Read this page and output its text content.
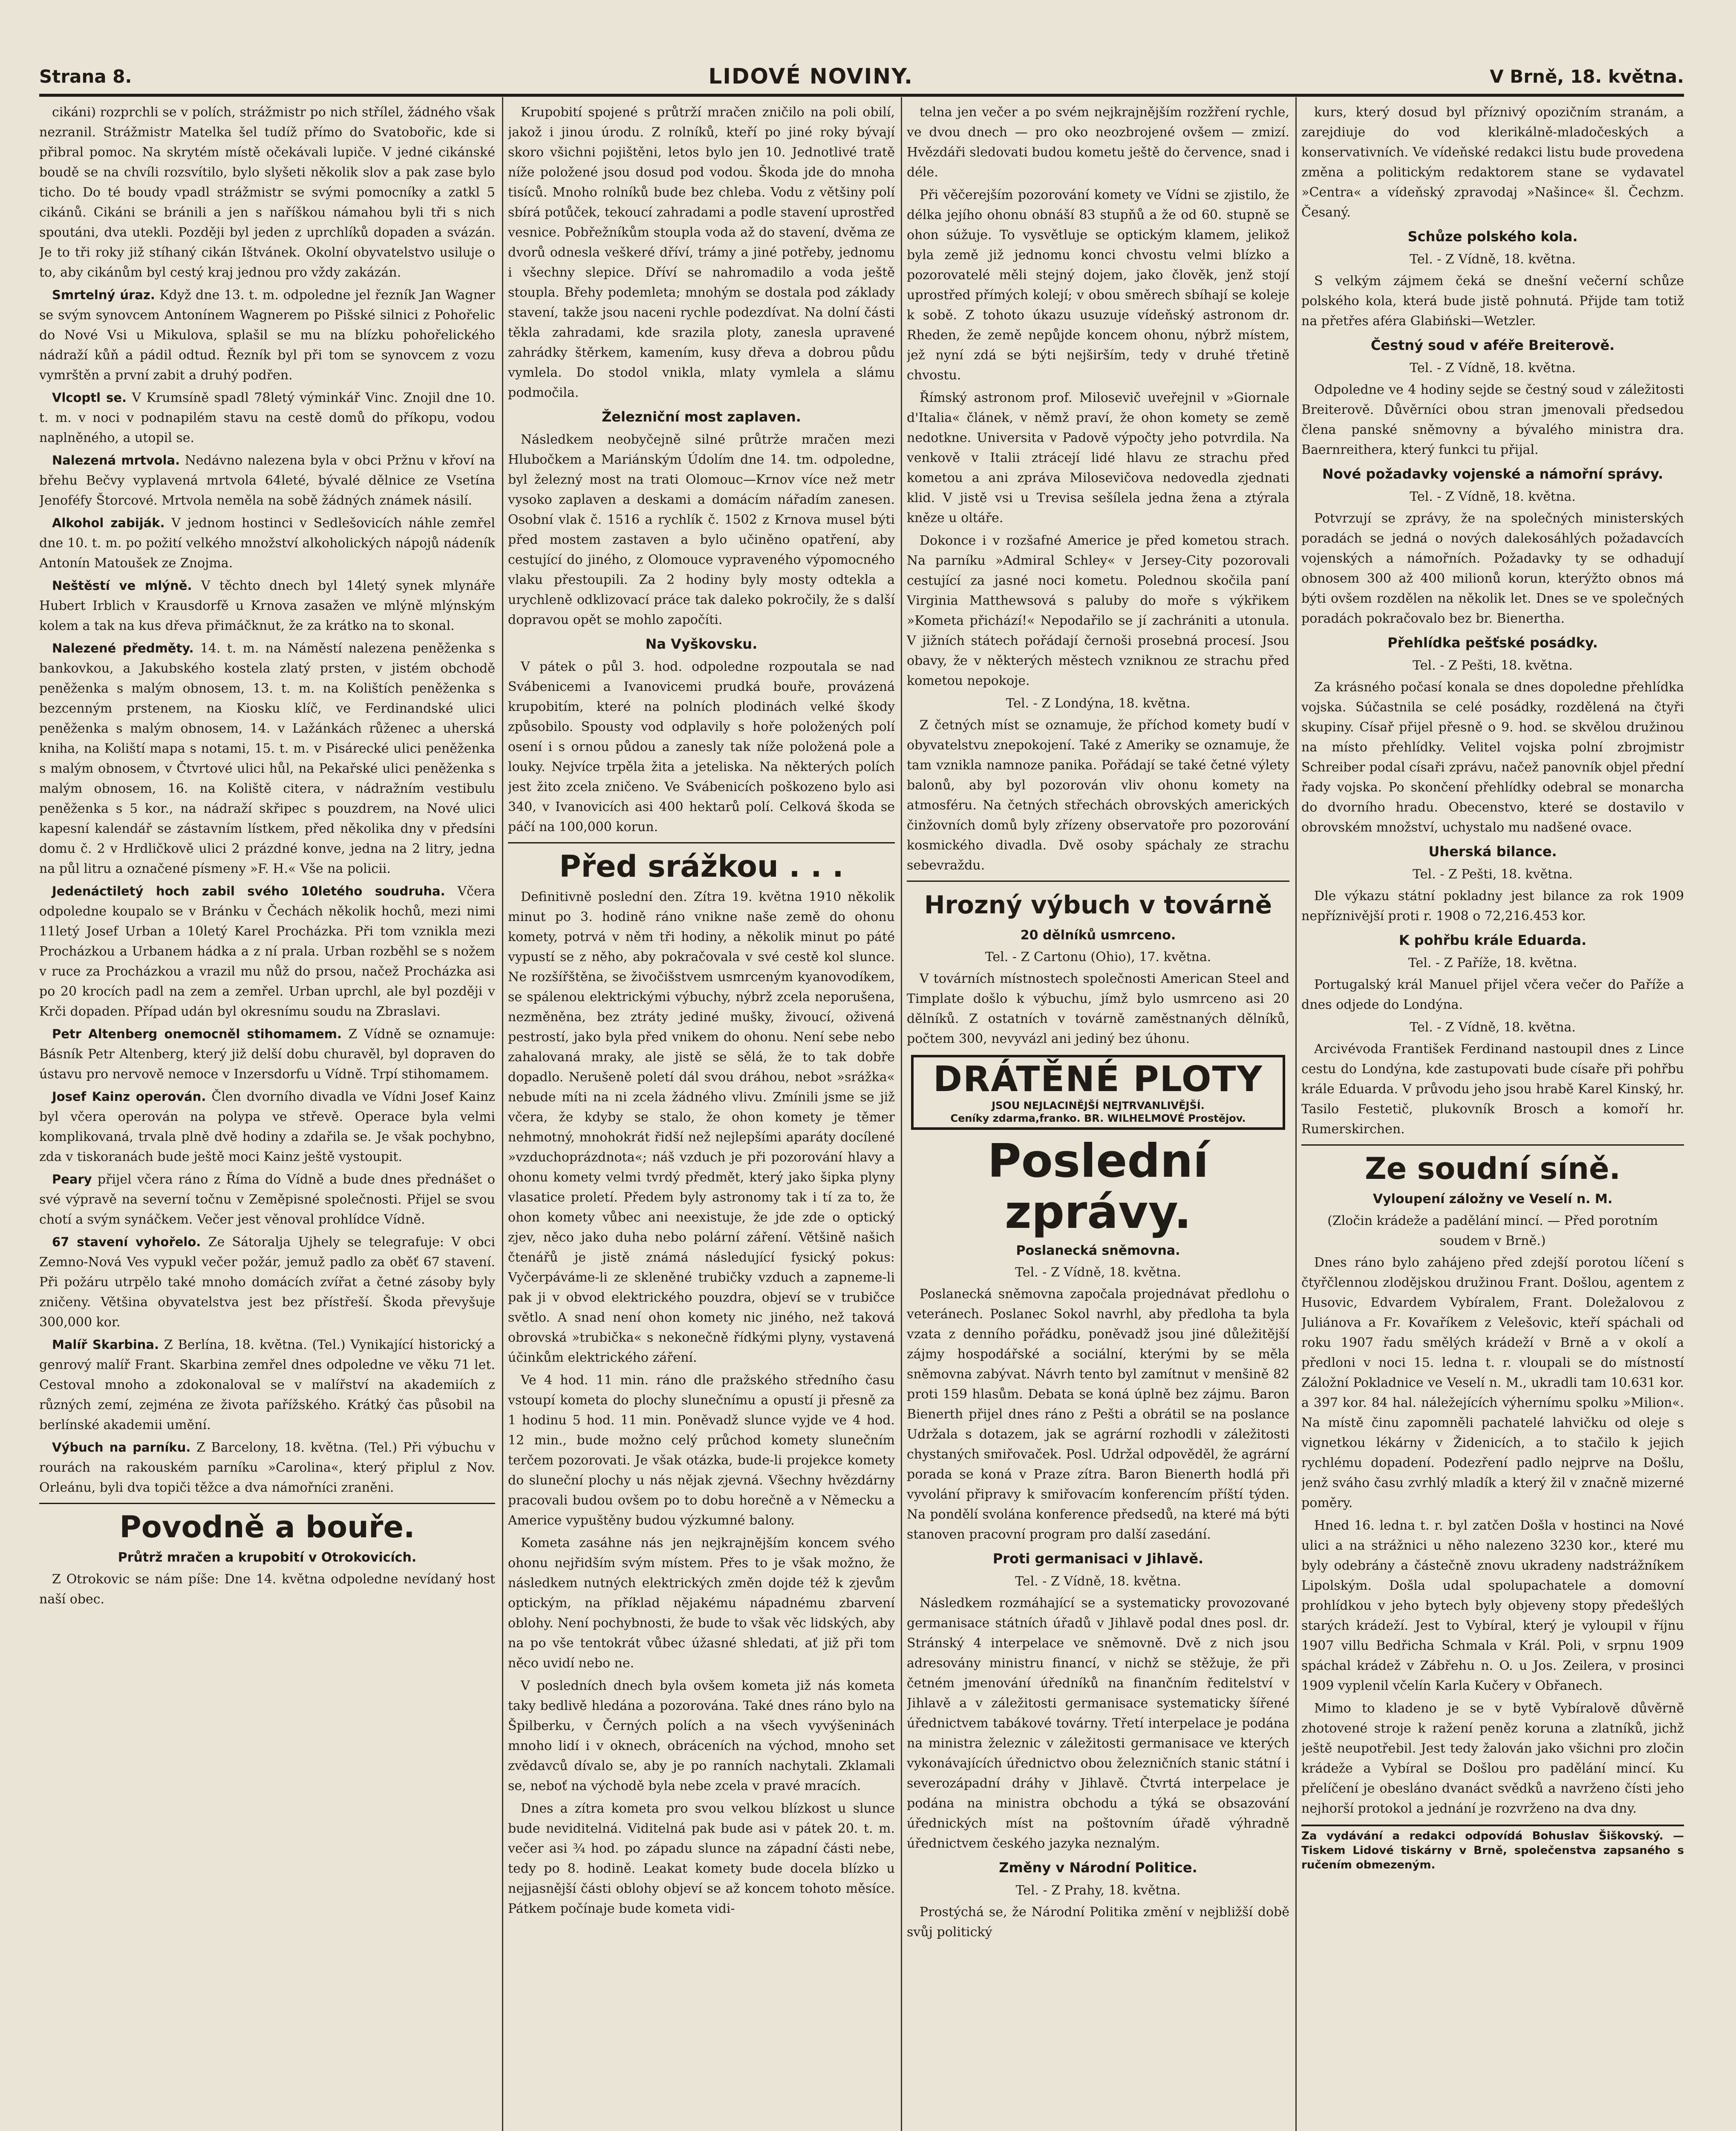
Strana 8.	LIDOVÉ NOVINY.	V Brně, 18. května.

cikáni) rozprchli se v polích, strážmistr po nich střílel, žádného však nezranil. Strážmistr Matelka šel tudíž přímo do Svatobořic, kde si přibral pomoc. Na skrytém místě očekávali lupiče. V jedné cikánské boudě se na chvíli rozsvítilo, bylo slyšeti několik slov a pak zase bylo ticho. Do té boudy vpadl strážmistr se svými pomocníky a zatkl 5 cikánů. Cikáni se bránili a jen s naříškou námahou byli tři s nich spoutáni, dva utekli. Později byl jeden z uprchlíků dopaden a svázán. Je to tři roky již stíhaný cikán Ištvánek. Okolní obyvatelstvo usiluje o to, aby cikánům byl cestý kraj jednou pro vždy zakázán.

Smrtelný úraz. Když dne 13. t. m. odpoledne jel řezník Jan Wagner se svým synovcem Antonínem Wagnerem po Pišské silnici z Pohořelic do Nové Vsi u Mikulova, splašil se mu na blízku pohořelického nádraží kůň a pádil odtud. Řezník byl při tom se synovcem z vozu vymrštěn a první zabit a druhý podřen.

Vlcoptl se. V Krumsíně spadl 78letý výminkář Vinc. Znojil dne 10. t. m. v noci v podnapilém stavu na cestě domů do příkopu, vodou naplněného, a utopil se.

Nalezená mrtvola. Nedávno nalezena byla v obci Pržnu v křoví na břehu Bečvy vyplavená mrtvola 64leté, bývalé dělnice ze Vsetína Jenoféfy Štorcové. Mrtvola neměla na sobě žádných známek násilí.

Alkohol zabiják. V jednom hostinci v Sedlešovicích náhle zemřel dne 10. t. m. po požití velkého množství alkoholických nápojů nádeník Antonín Matoušek ze Znojma.

Neštěstí ve mlýně. V těchto dnech byl 14letý synek mlynáře Hubert Irblich v Krausdorfě u Krnova zasažen ve mlýně mlýnským kolem a tak na kus dřeva přimáčknut, že za krátko na to skonal.

Nalezené předměty. 14. t. m. na Náměstí nalezena peněženka s bankovkou, a Jakubského kostela zlatý prsten, v jistém obchodě peněženka s malým obnosem, 13. t. m. na Kolištích peněženka s bezcenným prstenem, na Kiosku klíč, ve Ferdinandské ulici peněženka s malým obnosem, 14. v Lažánkách růženec a uherská kniha, na Koliští mapa s notami, 15. t. m. v Pisárecké ulici peněženka s malým obnosem, v Čtvrtové ulici hůl, na Pekařské ulici peněženka s malým obnosem, 16. na Koliště citera, v nádražním vestibulu peněženka s 5 kor., na nádraží skřipec s pouzdrem, na Nové ulici kapesní kalendář se zástavním lístkem, před několika dny v předsíni domu č. 2 v Hrdličkově ulici 2 prázdné konve, jedna na 2 litry, jedna na půl litru a označené písmeny »F. H.« Vše na policii.

Jedenáctiletý hoch zabil svého 10letého soudruha. Včera odpoledne koupalo se v Bránku v Čechách několik hochů, mezi nimi 11letý Josef Urban a 10letý Karel Procházka. Při tom vznikla mezi Procházkou a Urbanem hádka a z ní prala. Urban rozběhl se s nožem v ruce za Procházkou a vrazil mu nůž do prsou, načež Procházka asi po 20 krocích padl na zem a zemřel. Urban uprchl, ale byl později v Krči dopaden. Případ udán byl okresnímu soudu na Zbraslavi.

Petr Altenberg onemocněl stihomamem. Z Vídně se oznamuje: Básník Petr Altenberg, který již delší dobu churavěl, byl dopraven do ústavu pro nervově nemoce v Inzersdorfu u Vídně. Trpí stihomamem.

Josef Kainz operován. Člen dvorního divadla ve Vídni Josef Kainz byl včera operován na polypa ve střevě. Operace byla velmi komplikovaná, trvala plně dvě hodiny a zdařila se. Je však pochybno, zda v tiskoranách bude ještě moci Kainz ještě vystoupit.

Peary přijel včera ráno z Říma do Vídně a bude dnes přednášet o své výpravě na severní točnu v Zeměpisné společnosti. Přijel se svou chotí a svým synáčkem. Večer jest věnoval prohlídce Vídně.

67 stavení vyhořelo. Ze Sátoralja Ujhely se telegrafuje: V obci Zemno-Nová Ves vypukl večer požár, jemuž padlo za oběť 67 stavení. Při požáru utrpělo také mnoho domácích zvířat a četné zásoby byly zničeny. Většina obyvatelstva jest bez přístřeší. Škoda převyšuje 300,000 kor.

Malíř Skarbina. Z Berlína, 18. května. (Tel.) Vynikající historický a genrový malíř Frant. Skarbina zemřel dnes odpoledne ve věku 71 let. Cestoval mnoho a zdokonaloval se v malířství na akademiích z různých zemí, zejména ze života pařížského. Krátký čas působil na berlínské akademii umění.

Výbuch na parníku. Z Barcelony, 18. května. (Tel.) Při výbuchu v rourách na rakouském parníku »Carolina«, který připlul z Nov. Orleánu, byli dva topiči těžce a dva námořníci zraněni.

Povodně a bouře.
Průtrž mračen a krupobití v Otrokovicích.

Z Otrokovic se nám píše: Dne 14. května odpoledne nevídaný host naší obec.

Krupobití spojené s průtrží mračen zničilo na poli obilí, jakož i jinou úrodu. Z rolníků, kteří po jiné roky bývají skoro všichni pojištěni, letos bylo jen 10. Jednotlivé tratě níže položené jsou dosud pod vodou. Škoda jde do mnoha tisíců. Mnoho rolníků bude bez chleba. Vodu z většiny polí sbírá potůček, tekoucí zahradami a podle stavení uprostřed vesnice. Pobřežníkům stoupla voda až do stavení, dvěma ze dvorů odnesla veškeré dříví, trámy a jiné potřeby, jednomu i všechny slepice. Dříví se nahromadilo a voda ještě stoupla. Břehy podemleta; mnohým se dostala pod základy stavení, takže jsou naceni rychle podezdívat. Na dolní části těkla zahradami, kde srazila ploty, zanesla upravené zahrádky štěrkem, kamením, kusy dřeva a dobrou půdu vymlela. Do stodol vnikla, mlaty vymlela a slámu podmočila.

Železniční most zaplaven.

Následkem neobyčejně silné průtrže mračen mezi Hlubočkem a Mariánským Údolím dne 14. tm. odpoledne, byl železný most na trati Olomouc—Krnov více než metr vysoko zaplaven a deskami a domácím nářadím zanesen. Osobní vlak č. 1516 a rychlík č. 1502 z Krnova musel býti před mostem zastaven a bylo učiněno opatření, aby cestující do jiného, z Olomouce vypraveného výpomocného vlaku přestoupili. Za 2 hodiny byly mosty odtekla a urychleně odklizovací práce tak daleko pokročily, že s další dopravou opět se mohlo započíti.

Na Vyškovsku.

V pátek o půl 3. hod. odpoledne rozpoutala se nad Svábenicemi a Ivanovicemi prudká bouře, provázená krupobitím, které na polních plodinách velké škody způsobilo. Spousty vod odplavily s hoře položených polí osení i s ornou půdou a zanesly tak níže položená pole a louky. Nejvíce trpěla žita a jeteliska. Na některých polích jest žito zcela zničeno. Ve Svábenicích poškozeno bylo asi 340, v Ivanovicích asi 400 hektarů polí. Celková škoda se páčí na 100,000 korun.

Před srážkou . . .

Definitivně poslední den. Zítra 19. května 1910 několik minut po 3. hodině ráno vnikne naše země do ohonu komety, potrvá v něm tři hodiny, a několik minut po páté vypustí se z něho, aby pokračovala v své cestě kol slunce. Ne rozšířštěna, se živočišstvem usmrceným kyanovodíkem, se spálenou elektrickými výbuchy, nýbrž zcela neporušena, nezměněna, bez ztráty jediné mušky, živoucí, oživená pestrostí, jako byla před vnikem do ohonu. Není sebe nebo zahalovaná mraky, ale jistě se sělá, že to tak dobře dopadlo. Nerušeně poletí dál svou dráhou, nebot »srážka« nebude míti na ni zcela žádného vlivu. Zmínili jsme se již včera, že kdyby se stalo, že ohon komety je těmer nehmotný, mnohokrát řidší než nejlepšími aparáty docílené »vzduchoprázdnota«; náš vzduch je při pozorování hlavy a ohonu komety velmi tvrdý předmět, který jako šipka plyny vlasatice proletí. Předem byly astronomy tak i tí za to, že ohon komety vůbec ani neexistuje, že jde zde o optický zjev, něco jako duha nebo polární záření. Většině našich čtenářů je jistě známá následující fysický pokus: Vyčerpáváme-li ze skleněné trubičky vzduch a zapneme-li pak ji v obvod elektrického pouzdra, objeví se v trubičce světlo. A snad není ohon komety nic jiného, než taková obrovská »trubička« s nekonečně řídkými plyny, vystavená účinkům elektrického záření.

Ve 4 hod. 11 min. ráno dle pražského středního času vstoupí kometa do plochy slunečnímu a opustí ji přesně za 1 hodinu 5 hod. 11 min. Poněvadž slunce vyjde ve 4 hod. 12 min., bude možno celý průchod komety slunečním terčem pozorovati. Je však otázka, bude-li projekce komety do sluneční plochy u nás nějak zjevná. Všechny hvězdárny pracovali budou ovšem po to dobu horečně a v Německu a Americe vypuštěny budou výzkumné balony.

Kometa zasáhne nás jen nejkrajnějším koncem svého ohonu nejřidším svým místem. Přes to je však možno, že následkem nutných elektrických změn dojde též k zjevům optickým, na příklad nějakému nápadnému zbarvení oblohy. Není pochybnosti, že bude to však věc lidských, aby na po vše tentokrát vůbec úžasné shledati, ať již při tom něco uvidí nebo ne.

V posledních dnech byla ovšem kometa již nás kometa taky bedlivě hledána a pozorována. Také dnes ráno bylo na Špilberku, v Černých polích a na všech vyvýšeninách mnoho lidí i v oknech, obráceních na východ, mnoho set zvědavců dívalo se, aby je po ranních nachytali. Zklamali se, neboť na východě byla nebe zcela v pravé mracích.

Dnes a zítra kometa pro svou velkou blízkost u slunce bude neviditelná. Viditelná pak bude asi v pátek 20. t. m. večer asi ¾ hod. po západu slunce na západní části nebe, tedy po 8. hodině. Leakat komety bude docela blízko u nejjasnější části oblohy objeví se až koncem tohoto měsíce. Pátkem počínaje bude kometa vidi-

telna jen večer a po svém nejkrajnějším rozžření rychle, ve dvou dnech — pro oko neozbrojené ovšem — zmizí. Hvězdáři sledovati budou kometu ještě do července, snad i déle.

Při věčerejším pozorování komety ve Vídni se zjistilo, že délka jejího ohonu obnáší 83 stupňů a že od 60. stupně se ohon súžuje. To vysvětluje se optickým klamem, jelikož byla země již jednomu konci chvostu velmi blízko a pozorovatelé měli stejný dojem, jako člověk, jenž stojí uprostřed přímých kolejí; v obou směrech sbíhají se koleje k sobě. Z tohoto úkazu usuzuje vídeňský astronom dr. Rheden, že země nepůjde koncem ohonu, nýbrž místem, jež nyní zdá se býti nejširším, tedy v druhé třetině chvostu.

Římský astronom prof. Milosevič uveřejnil v »Giornale d'Italia« článek, v němž praví, že ohon komety se země nedotkne. Universita v Padově výpočty jeho potvrdila. Na venkově v Italii ztrácejí lidé hlavu ze strachu před kometou a ani zpráva Milosevičova nedovedla zjednati klid. V jistě vsi u Trevisa sešílela jedna žena a ztýrala kněze u oltáře.

Dokonce i v rozšafné Americe je před kometou strach. Na parníku »Admiral Schley« v Jersey-City pozorovali cestující za jasné noci kometu. Polednou skočila paní Virginia Matthewsová s paluby do moře s výkřikem »Kometa přichází!« Nepodařilo se jí zachrániti a utonula. V jižních státech pořádají černoši prosebná procesí. Jsou obavy, že v některých městech vzniknou ze strachu před kometou nepokoje.

Tel. - Z Londýna, 18. května.

Z četných míst se oznamuje, že příchod komety budí v obyvatelstvu znepokojení. Také z Ameriky se oznamuje, že tam vznikla namnoze panika. Pořádají se také četné výlety balonů, aby byl pozorován vliv ohonu komety na atmosféru. Na četných střechách obrovských amerických činžovních domů byly zřízeny observatoře pro pozorování kosmického divadla. Dvě osoby spáchaly ze strachu sebevraždu.

Hrozný výbuch v továrně
20 dělníků usmrceno.
Tel. - Z Cartonu (Ohio), 17. května.

V továrních místnostech společnosti American Steel and Timplate došlo k výbuchu, jímž bylo usmrceno asi 20 dělníků. Z ostatních v továrně zaměstnaných dělníků, počtem 300, nevyvázl ani jediný bez úhonu.

DRÁTĚNÉ PLOTY
JSOU NEJLACINĚJŠÍ NEJTRVANLIVĚJŠÍ.
Ceníky zdarma,franko. BR. WILHELMOVÉ Prostějov.
Poslední zprávy.
Poslanecká sněmovna.
Tel. - Z Vídně, 18. května.

Poslanecká sněmovna započala projednávat předlohu o veteránech. Poslanec Sokol navrhl, aby předloha ta byla vzata z denního pořádku, poněvadž jsou jiné důležitější zájmy hospodářské a sociální, kterými by se měla sněmovna zabývat. Návrh tento byl zamítnut v menšině 82 proti 159 hlasům. Debata se koná úplně bez zájmu. Baron Bienerth přijel dnes ráno z Pešti a obrátil se na poslance Udržala s dotazem, jak se agrární rozhodli v záležitosti chystaných smiřovaček. Posl. Udržal odpověděl, že agrární porada se koná v Praze zítra. Baron Bienerth hodlá při vyvolání připravy k smiřovacím konferencím příští týden. Na pondělí svolána konference předsedů, na které má býti stanoven pracovní program pro další zasedání.

Proti germanisaci v Jihlavě.
Tel. - Z Vídně, 18. května.

Následkem rozmáhající se a systematicky provozované germanisace státních úřadů v Jihlavě podal dnes posl. dr. Stránský 4 interpelace ve sněmovně. Dvě z nich jsou adresovány ministru financí, v nichž se stěžuje, že při četném jmenování úředníků na finančním ředitelství v Jihlavě a v záležitosti germanisace systematicky šířené úřednictvem tabákové továrny. Třetí interpelace je podána na ministra železnic v záležitosti germanisace ve kterých vykonávajících úřednictvo obou železničních stanic státní i severozápadní dráhy v Jihlavě. Čtvrtá interpelace je podána na ministra obchodu a týká se obsazování úřednických míst na poštovním úřadě výhradně úřednictvem českého jazyka neznalým.

Změny v Národní Politice.
Tel. - Z Prahy, 18. května.

Prostýchá se, že Národní Politika změní v nejbližší době svůj politický

kurs, který dosud byl příznivý opozičním stranám, a zarejdiuje do vod klerikálně-mladočeských a konservativních. Ve vídeňské redakci listu bude provedena změna a politickým redaktorem stane se vydavatel »Centra« a vídeňský zpravodaj »Našince« šl. Čechzm. Česaný.

Schůze polského kola.
Tel. - Z Vídně, 18. května.

S velkým zájmem čeká se dnešní večerní schůze polského kola, která bude jistě pohnutá. Přijde tam totiž na přetřes aféra Glabiński—Wetzler.

Čestný soud v aféře Breiterově.
Tel. - Z Vídně, 18. května.

Odpoledne ve 4 hodiny sejde se čestný soud v záležitosti Breiterově. Důvěrníci obou stran jmenovali předsedou člena panské sněmovny a bývalého ministra dra. Baernreithera, který funkci tu přijal.

Nové požadavky vojenské a námořní správy.
Tel. - Z Vídně, 18. května.

Potvrzují se zprávy, že na společných ministerských poradách se jedná o nových dalekosáhlých požadavcích vojenských a námořních. Požadavky ty se odhadují obnosem 300 až 400 milionů korun, kterýžto obnos má býti ovšem rozdělen na několik let. Dnes se ve společných poradách pokračovalo bez br. Bienertha.

Přehlídka pešťské posádky.
Tel. - Z Pešti, 18. května.

Za krásného počasí konala se dnes dopoledne přehlídka vojska. Súčastnila se celé posádky, rozdělená na čtyři skupiny. Císař přijel přesně o 9. hod. se skvělou družinou na místo přehlídky. Velitel vojska polní zbrojmistr Schreiber podal císaři zprávu, načež panovník objel přední řady vojska. Po skončení přehlídky odebral se monarcha do dvorního hradu. Obecenstvo, které se dostavilo v obrovském množství, uchystalo mu nadšené ovace.

Uherská bilance.
Tel. - Z Pešti, 18. května.

Dle výkazu státní pokladny jest bilance za rok 1909 nepříznivější proti r. 1908 o 72,216.453 kor.

K pohřbu krále Eduarda.
Tel. - Z Paříže, 18. května.

Portugalský král Manuel přijel včera večer do Paříže a dnes odjede do Londýna.

Tel. - Z Vídně, 18. května.

Arcivévoda František Ferdinand nastoupil dnes z Lince cestu do Londýna, kde zastupovati bude císaře při pohřbu krále Eduarda. V průvodu jeho jsou hrabě Karel Kinský, hr. Tasilo Festetič, plukovník Brosch a komoří hr. Rumerskirchen.

Ze soudní síně.
Vyloupení záložny ve Veselí n. M.
(Zločin krádeže a padělání mincí. — Před porotním soudem v Brně.)

Dnes ráno bylo zahájeno před zdejší porotou líčení s čtyřčlennou zlodějskou družinou Frant. Došlou, agentem z Husovic, Edvardem Vybíralem, Frant. Doležalovou z Juliánova a Fr. Kovaříkem z Velešovic, kteří spáchali od roku 1907 řadu smělých krádeží v Brně a v okolí a předloni v noci 15. ledna t. r. vloupali se do místností Záložní Pokladnice ve Veselí n. M., ukradli tam 10.631 kor. a 397 kor. 84 hal. náležejících výhernímu spolku »Milion«. Na místě činu zapomněli pachatelé lahvičku od oleje s vignetkou lékárny v Židenicích, a to stačilo k jejich rychlému dopadení. Podezření padlo nejprve na Došlu, jenž sváho času zvrhlý mladík a který žil v značně mizerné poměry.

Hned 16. ledna t. r. byl zatčen Došla v hostinci na Nové ulici a na strážnici u něho nalezeno 3230 kor., které mu byly odebrány a částečně znovu ukradeny nadstrážníkem Lipolským. Došla udal spolupachatele a domovní prohlídkou v jeho bytech byly objeveny stopy předešlých starých krádeží. Jest to Vybíral, který je vyloupil v říjnu 1907 villu Bedřicha Schmala v Král. Poli, v srpnu 1909 spáchal krádež v Zábřehu n. O. u Jos. Zeilera, v prosinci 1909 vyplenil včelín Karla Kučery v Obřanech.

Mimo to kladeno je se v bytě Vybíralově důvěrně zhotovené stroje k ražení peněz koruna a zlatníků, jichž ještě neupotřebil. Jest tedy žalován jako všichni pro zločin krádeže a Vybíral se Došlou pro padělání mincí. Ku přelíčení je obesláno dvanáct svědků a navrženo čísti jeho nejhorší protokol a jednání je rozvrženo na dva dny.

Za vydávání a redakci odpovídá Bohuslav Šiškovský. — Tiskem Lidové tiskárny v Brně, společenstva zapsaného s ručením obmezeným.
